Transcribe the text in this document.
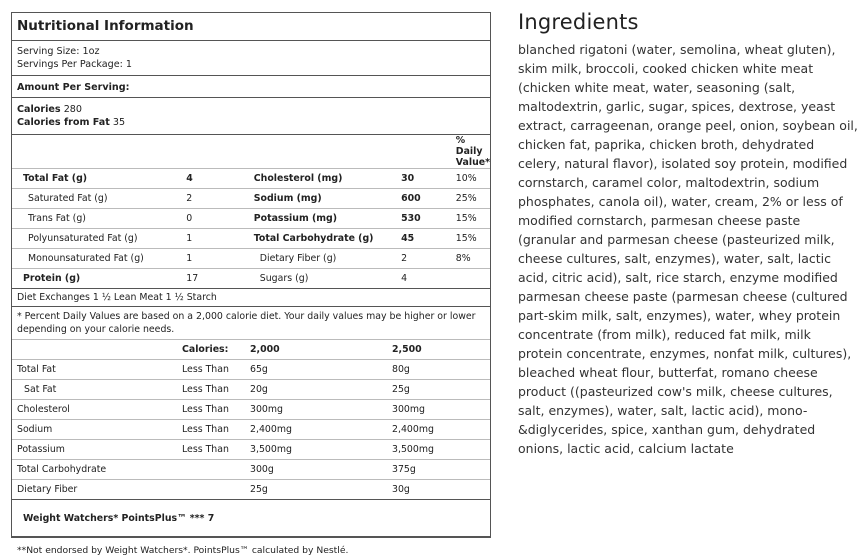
Nutritional Information
Serving Size: 1oz
Servings Per Package: 1
Amount Per Serving:
Calories 280
Calories from Fat 35
				% Daily Value*
Total Fat (g)	4	Cholesterol (mg)	30	10%
Saturated Fat (g)	2	Sodium (mg)	600	25%
Trans Fat (g)	0	Potassium (mg)	530	15%
Polyunsaturated Fat (g)	1	Total Carbohydrate (g)	45	15%
Monounsaturated Fat (g)	1	Dietary Fiber (g)	2	8%
Protein (g)	17	Sugars (g)	4	
Diet Exchanges 1 ½ Lean Meat 1 ½ Starch
* Percent Daily Values are based on a 2,000 calorie diet. Your daily values may be higher or lower depending on your calorie needs.
	Calories:	2,000	2,500
Total Fat	Less Than	65g	80g
Sat Fat	Less Than	20g	25g
Cholesterol	Less Than	300mg	300mg
Sodium	Less Than	2,400mg	2,400mg
Potassium	Less Than	3,500mg	3,500mg
Total Carbohydrate		300g	375g
Dietary Fiber		25g	30g
Weight Watchers* PointsPlus™ *** 7
**Not endorsed by Weight Watchers*. PointsPlus™ calculated by Nestlé.
Ingredients

blanched rigatoni (water, semolina, wheat gluten), skim milk, broccoli, cooked chicken white meat (chicken white meat, water, seasoning (salt, maltodextrin, garlic, sugar, spices, dextrose, yeast extract, carrageenan, orange peel, onion, soybean oil, chicken fat, paprika, chicken broth, dehydrated celery, natural flavor), isolated soy protein, modified cornstarch, caramel color, maltodextrin, sodium phosphates, canola oil), water, cream, 2% or less of modified cornstarch, parmesan cheese paste (granular and parmesan cheese (pasteurized milk, cheese cultures, salt, enzymes), water, salt, lactic acid, citric acid), salt, rice starch, enzyme modified parmesan cheese paste (parmesan cheese (cultured part-skim milk, salt, enzymes), water, whey protein concentrate (from milk), reduced fat milk, milk protein concentrate, enzymes, nonfat milk, cultures), bleached wheat flour, butterfat, romano cheese product ((pasteurized cow's milk, cheese cultures, salt, enzymes), water, salt, lactic acid), mono-&diglycerides, spice, xanthan gum, dehydrated onions, lactic acid, calcium lactate
